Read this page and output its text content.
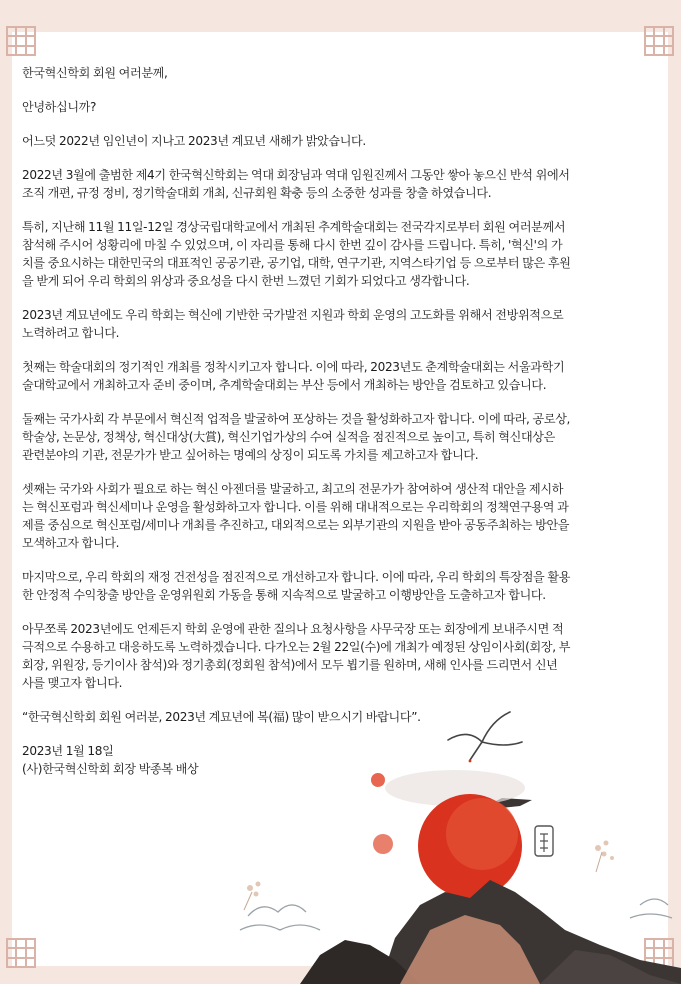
한국혁신학회 회원 여러분께,

안녕하십니까?

어느덧 2022년 임인년이 지나고 2023년 계묘년 새해가 밝았습니다.

2022년 3월에 출범한 제4기 한국혁신학회는 역대 회장님과 역대 임원진께서 그동안 쌓아 놓으신 반석 위에서
조직 개편, 규정 정비, 정기학술대회 개최, 신규회원 확충 등의 소중한 성과를 창출 하였습니다.

특히, 지난해 11월 11일-12일 경상국립대학교에서 개최된 추계학술대회는 전국각지로부터 회원 여러분께서
참석해 주시어 성황리에 마칠 수 있었으며, 이 자리를 통해 다시 한번 깊이 감사를 드립니다. 특히, '혁신'의 가
치를 중요시하는 대한민국의 대표적인 공공기관, 공기업, 대학, 연구기관, 지역스타기업 등 으로부터 많은 후원
을 받게 되어 우리 학회의 위상과 중요성을 다시 한번 느꼈던 기회가 되었다고 생각합니다.

2023년 계묘년에도 우리 학회는 혁신에 기반한 국가발전 지원과 학회 운영의 고도화를 위해서 전방위적으로
노력하려고 합니다.

첫째는 학술대회의 정기적인 개최를 정착시키고자 합니다. 이에 따라, 2023년도 춘계학술대회는 서울과학기
술대학교에서 개최하고자 준비 중이며, 추계학술대회는 부산 등에서 개최하는 방안을 검토하고 있습니다.

둘째는 국가사회 각 부문에서 혁신적 업적을 발굴하여 포상하는 것을 활성화하고자 합니다. 이에 따라, 공로상,
학술상, 논문상, 정책상, 혁신대상(大賞), 혁신기업가상의 수여 실적을 점진적으로 높이고, 특히 혁신대상은
관련분야의 기관, 전문가가 받고 싶어하는 명예의 상징이 되도록 가치를 제고하고자 합니다.

셋째는 국가와 사회가 필요로 하는 혁신 아젠더를 발굴하고, 최고의 전문가가 참여하여 생산적 대안을 제시하
는 혁신포럼과 혁신세미나 운영을 활성화하고자 합니다. 이를 위해 대내적으로는 우리학회의 정책연구용역 과
제를 중심으로 혁신포럼/세미나 개최를 추진하고, 대외적으로는 외부기관의 지원을 받아 공동주최하는 방안을
모색하고자 합니다.

마지막으로, 우리 학회의 재정 건전성을 점진적으로 개선하고자 합니다. 이에 따라, 우리 학회의 특장점을 활용
한 안정적 수익창출 방안을 운영위원회 가동을 통해 지속적으로 발굴하고 이행방안을 도출하고자 합니다.

아무쪼록 2023년에도 언제든지 학회 운영에 관한 질의나 요청사항을 사무국장 또는 회장에게 보내주시면 적
극적으로 수용하고 대응하도록 노력하겠습니다. 다가오는 2월 22일(수)에 개최가 예정된 상임이사회(회장, 부
회장, 위원장, 등기이사 참석)와 정기총회(정회원 참석)에서 모두 뵙기를 원하며, 새해 인사를 드리면서 신년
사를 맺고자 합니다.

“한국혁신학회 회원 여러분, 2023년 계묘년에 복(福) 많이 받으시기 바랍니다”.

2023년 1월 18일

(사)한국혁신학회 회장 박종복 배상
